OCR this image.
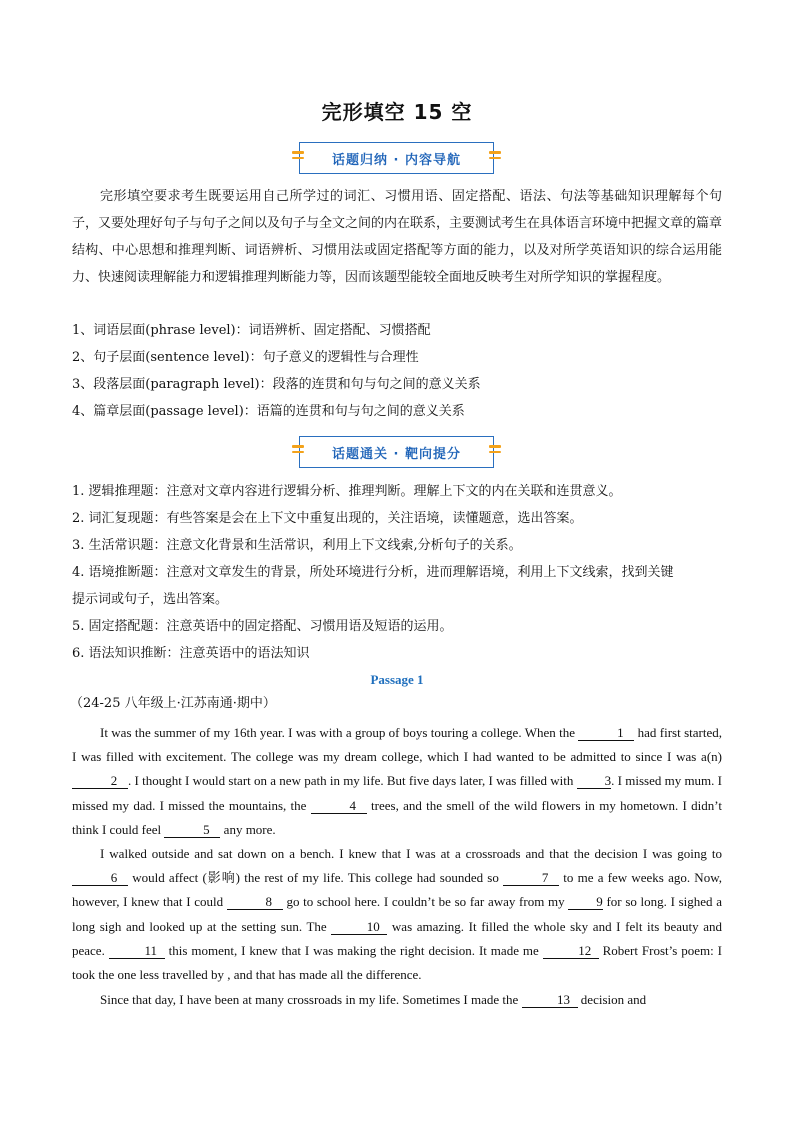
完形填空 15 空
话题归纳 · 内容导航
完形填空要求考生既要运用自己所学过的词汇、习惯用语、固定搭配、语法、句法等基础知识理解每个句子，又要处理好句子与句子之间以及句子与全文之间的内在联系，主要测试考生在具体语言环境中把握文章的篇章结构、中心思想和推理判断、词语辨析、习惯用法或固定搭配等方面的能力，以及对所学英语知识的综合运用能力、快速阅读理解能力和逻辑推理判断能力等，因而该题型能较全面地反映考生对所学知识的掌握程度。
1、词语层面(phrase level)：词语辨析、固定搭配、习惯搭配
2、句子层面(sentence level)：句子意义的逻辑性与合理性
3、段落层面(paragraph level)：段落的连贯和句与句之间的意义关系
4、篇章层面(passage level)：语篇的连贯和句与句之间的意义关系
话题通关 · 靶向提分
1. 逻辑推理题：注意对文章内容进行逻辑分析、推理判断。理解上下文的内在关联和连贯意义。
2. 词汇复现题：有些答案是会在上下文中重复出现的，关注语境，读懂题意，选出答案。
3. 生活常识题：注意文化背景和生活常识，利用上下文线索,分析句子的关系。
4. 语境推断题：注意对文章发生的背景，所处环境进行分析，进而理解语境，利用上下文线索，找到关键
提示词或句子，选出答案。
5. 固定搭配题：注意英语中的固定搭配、习惯用语及短语的运用。
6. 语法知识推断：注意英语中的语法知识
Passage 1
（24-25 八年级上·江苏南通·期中）
It was the summer of my 16th year. I was with a group of boys touring a college. When the	1 had first started, I was filled with excitement. The college was my dream college, which I had wanted to be admitted to since I was a(n) 2 . I thought I would start on a new path in my life. But five days later, I was filled with 3. I missed my mum. I missed my dad. I missed the mountains, the	4 trees, and the smell of the wild flowers in my hometown. I didn’t think I could feel	5 any more.
I walked outside and sat down on a bench. I knew that I was at a crossroads and that the decision I was going to 6 would affect (影响) the rest of my life. This college had sounded so	7 to me a few weeks ago. Now, however, I knew that I could	8 go to school here. I couldn’t be so far away from my 9 for so long. I sighed a long sigh and looked up at the setting sun. The	10 was amazing. It filled the whole sky and I felt its beauty and peace.	11 this moment, I knew that I was making the right decision. It made me	12 Robert Frost’s poem: I took the one less travelled by , and that has made all the difference.
Since that day, I have been at many crossroads in my life. Sometimes I made the	13 decision and
